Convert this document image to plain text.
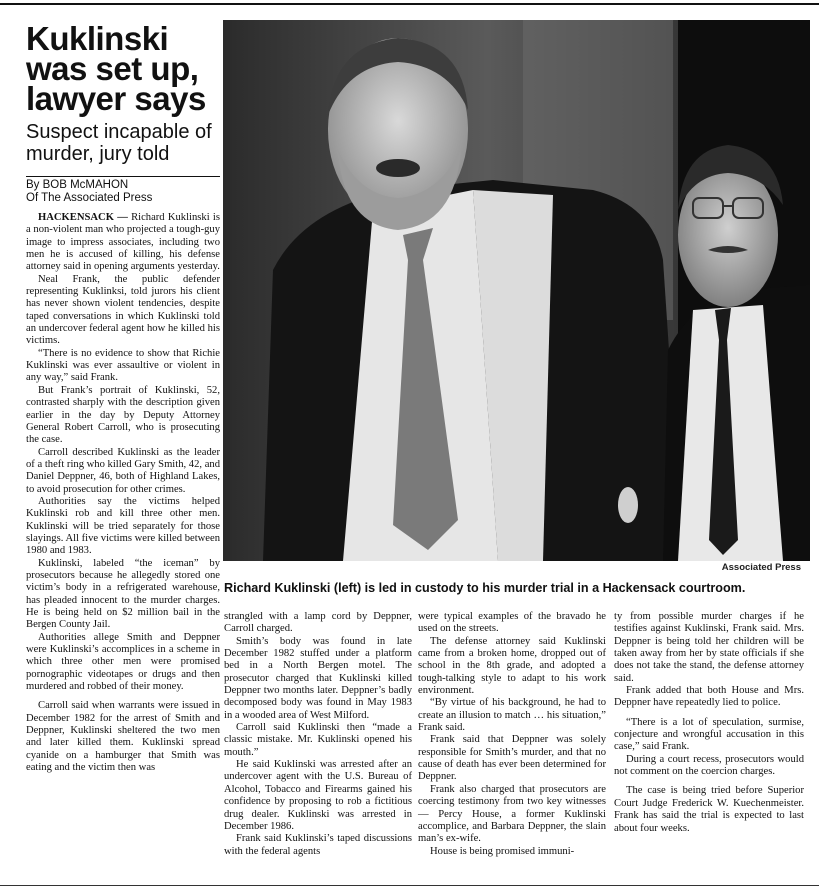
Kuklinski was set up, lawyer says
Suspect incapable of murder, jury told
By BOB McMAHON
Of The Associated Press

HACKENSACK — Richard Kuklinski is a non-violent man who projected a tough-guy image to impress associates, including two men he is accused of killing, his defense attorney said in opening arguments yesterday.

Neal Frank, the public defender representing Kuklinksi, told jurors his client has never shown violent tendencies, despite taped conversations in which Kuklinski told an undercover federal agent how he killed his victims.

“There is no evidence to show that Richie Kuklinski was ever assaultive or violent in any way,” said Frank.

But Frank’s portrait of Kuklinski, 52, contrasted sharply with the description given earlier in the day by Deputy Attorney General Robert Carroll, who is prosecuting the case.

Carroll described Kuklinski as the leader of a theft ring who killed Gary Smith, 42, and Daniel Deppner, 46, both of Highland Lakes, to avoid prosecution for other crimes.

Authorities say the victims helped Kuklinski rob and kill three other men. Kuklinski will be tried separately for those slayings. All five victims were killed between 1980 and 1983.

Kuklinski, labeled “the iceman” by prosecutors because he allegedly stored one victim’s body in a refrigerated warehouse, has pleaded innocent to the murder charges. He is being held on $2 million bail in the Bergen County Jail.

Authorities allege Smith and Deppner were Kuklinski’s accomplices in a scheme in which three other men were promised pornographic videotapes or drugs and then murdered and robbed of their money.

Carroll said when warrants were issued in December 1982 for the arrest of Smith and Deppner, Kuklinski sheltered the two men and later killed them. Kuklinski spread cyanide on a hamburger that Smith was eating and the victim then was

Associated Press
Richard Kuklinski (left) is led in custody to his murder trial in a Hackensack courtroom.

strangled with a lamp cord by Deppner, Carroll charged.

Smith’s body was found in late December 1982 stuffed under a platform bed in a North Bergen motel. The prosecutor charged that Kuklinski killed Deppner two months later. Deppner’s badly decomposed body was found in May 1983 in a wooded area of West Milford.

Carroll said Kuklinski then “made a classic mistake. Mr. Kuklinski opened his mouth.”

He said Kuklinski was arrested after an undercover agent with the U.S. Bureau of Alcohol, Tobacco and Firearms gained his confidence by proposing to rob a fictitious drug dealer. Kuklinski was arrested in December 1986.

Frank said Kuklinski’s taped discussions with the federal agents

were typical examples of the bravado he used on the streets.

The defense attorney said Kuklinski came from a broken home, dropped out of school in the 8th grade, and adopted a tough-talking style to adapt to his work environment.

“By virtue of his background, he had to create an illusion to match … his situation,” Frank said.

Frank said that Deppner was solely responsible for Smith’s murder, and that no cause of death has ever been determined for Deppner.

Frank also charged that prosecutors are coercing testimony from two key witnesses — Percy House, a former Kuklinski accomplice, and Barbara Deppner, the slain man’s ex-wife.

House is being promised immuni-

ty from possible murder charges if he testifies against Kuklinski, Frank said. Mrs. Deppner is being told her children will be taken away from her by state officials if she does not take the stand, the defense attorney said.

Frank added that both House and Mrs. Deppner have repeatedly lied to police.

“There is a lot of speculation, surmise, conjecture and wrongful accusation in this case,” said Frank.

During a court recess, prosecutors would not comment on the coercion charges.

The case is being tried before Superior Court Judge Frederick W. Kuechenmeister. Frank has said the trial is expected to last about four weeks.
